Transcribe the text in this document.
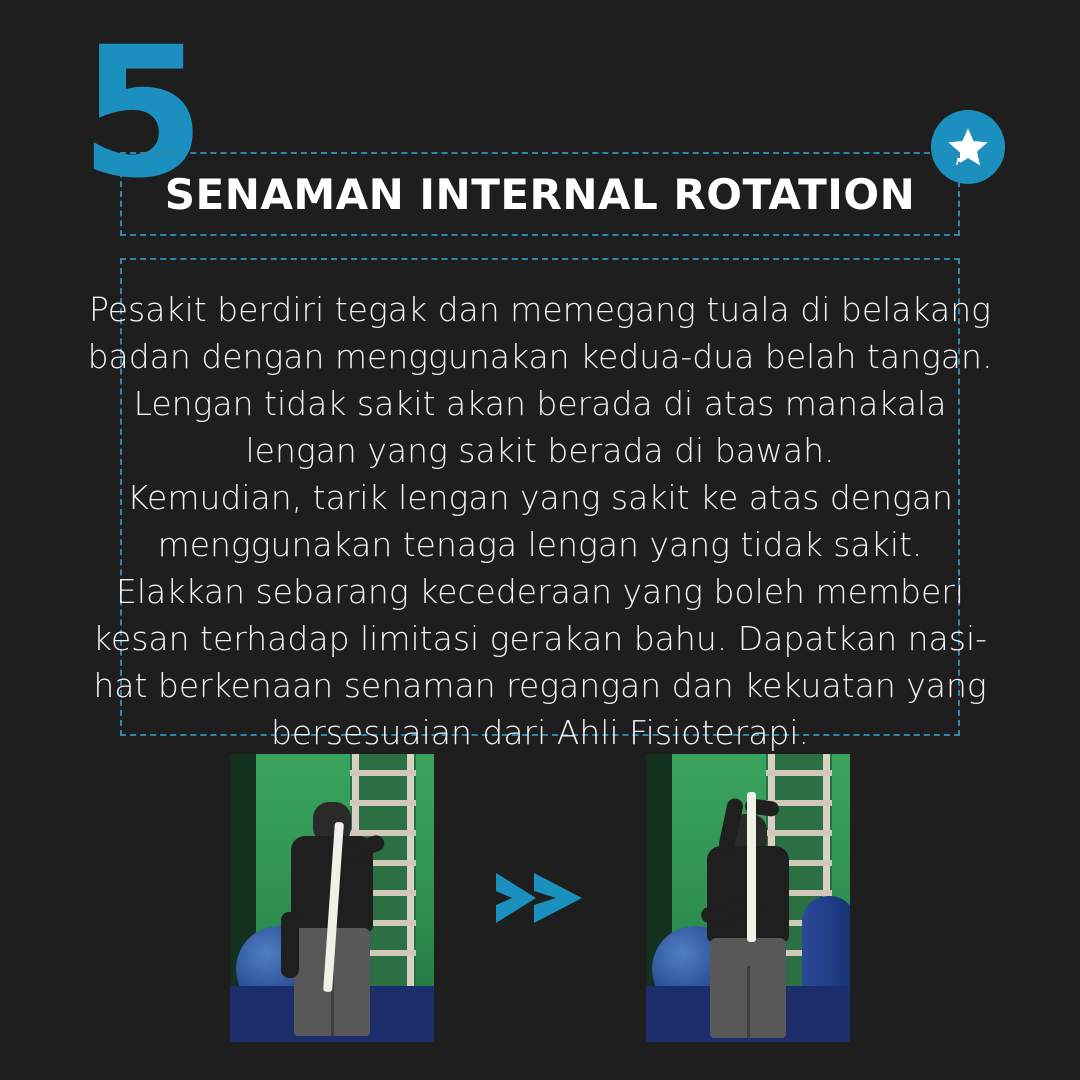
5
SENAMAN INTERNAL ROTATION
Pesakit berdiri tegak dan memegang tuala di belakang
badan dengan menggunakan kedua-dua belah tangan.
Lengan tidak sakit akan berada di atas manakala
lengan yang sakit berada di bawah.
Kemudian, tarik lengan yang sakit ke atas dengan
menggunakan tenaga lengan yang tidak sakit.
Elakkan sebarang kecederaan yang boleh memberi
kesan terhadap limitasi gerakan bahu. Dapatkan nasi-
hat berkenaan senaman regangan dan kekuatan yang
bersesuaian dari Ahli Fisioterapi.
